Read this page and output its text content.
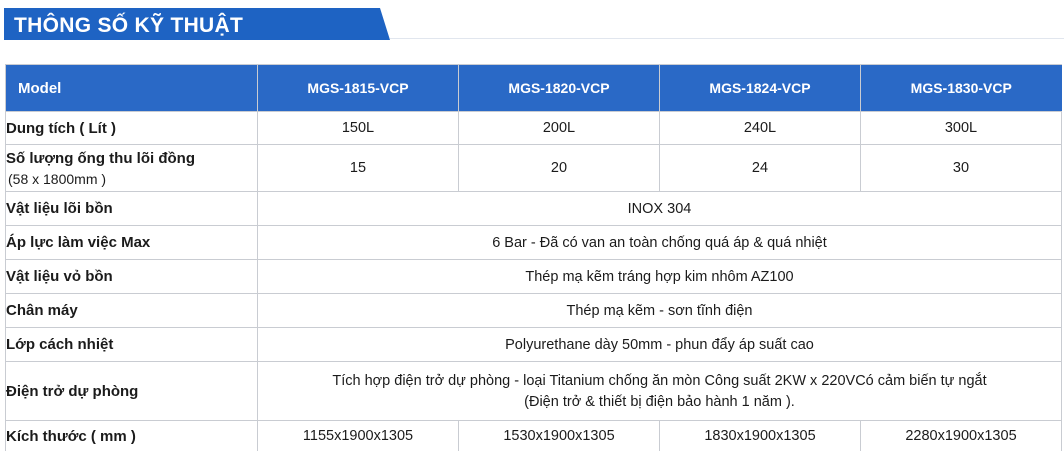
THÔNG SỐ KỸ THUẬT
Model	MGS-1815-VCP	MGS-1820-VCP	MGS-1824-VCP	MGS-1830-VCP
Dung tích ( Lít )	150L	200L	240L	300L
Số lượng ống thu lõi đồng
(58 x 1800mm )	15	20	24	30
Vật liệu lõi bồn	INOX 304			
Áp lực làm việc Max	6 Bar - Đã có van an toàn chống quá áp & quá nhiệt			
Vật liệu vỏ bồn	Thép mạ kẽm tráng hợp kim nhôm AZ100			
Chân máy	Thép mạ kẽm - sơn tĩnh điện			
Lớp cách nhiệt	Polyurethane dày 50mm - phun đẩy áp suất cao			
Điện trở dự phòng	Tích hợp điện trở dự phòng - loại Titanium chống ăn mòn Công suất 2KW x 220VCó cảm biến tự ngắt
(Điện trở & thiết bị điện bảo hành 1 năm ).			

Kích thước ( mm )	1155x1900x1305	1530x1900x1305	1830x1900x1305	2280x1900x1305
